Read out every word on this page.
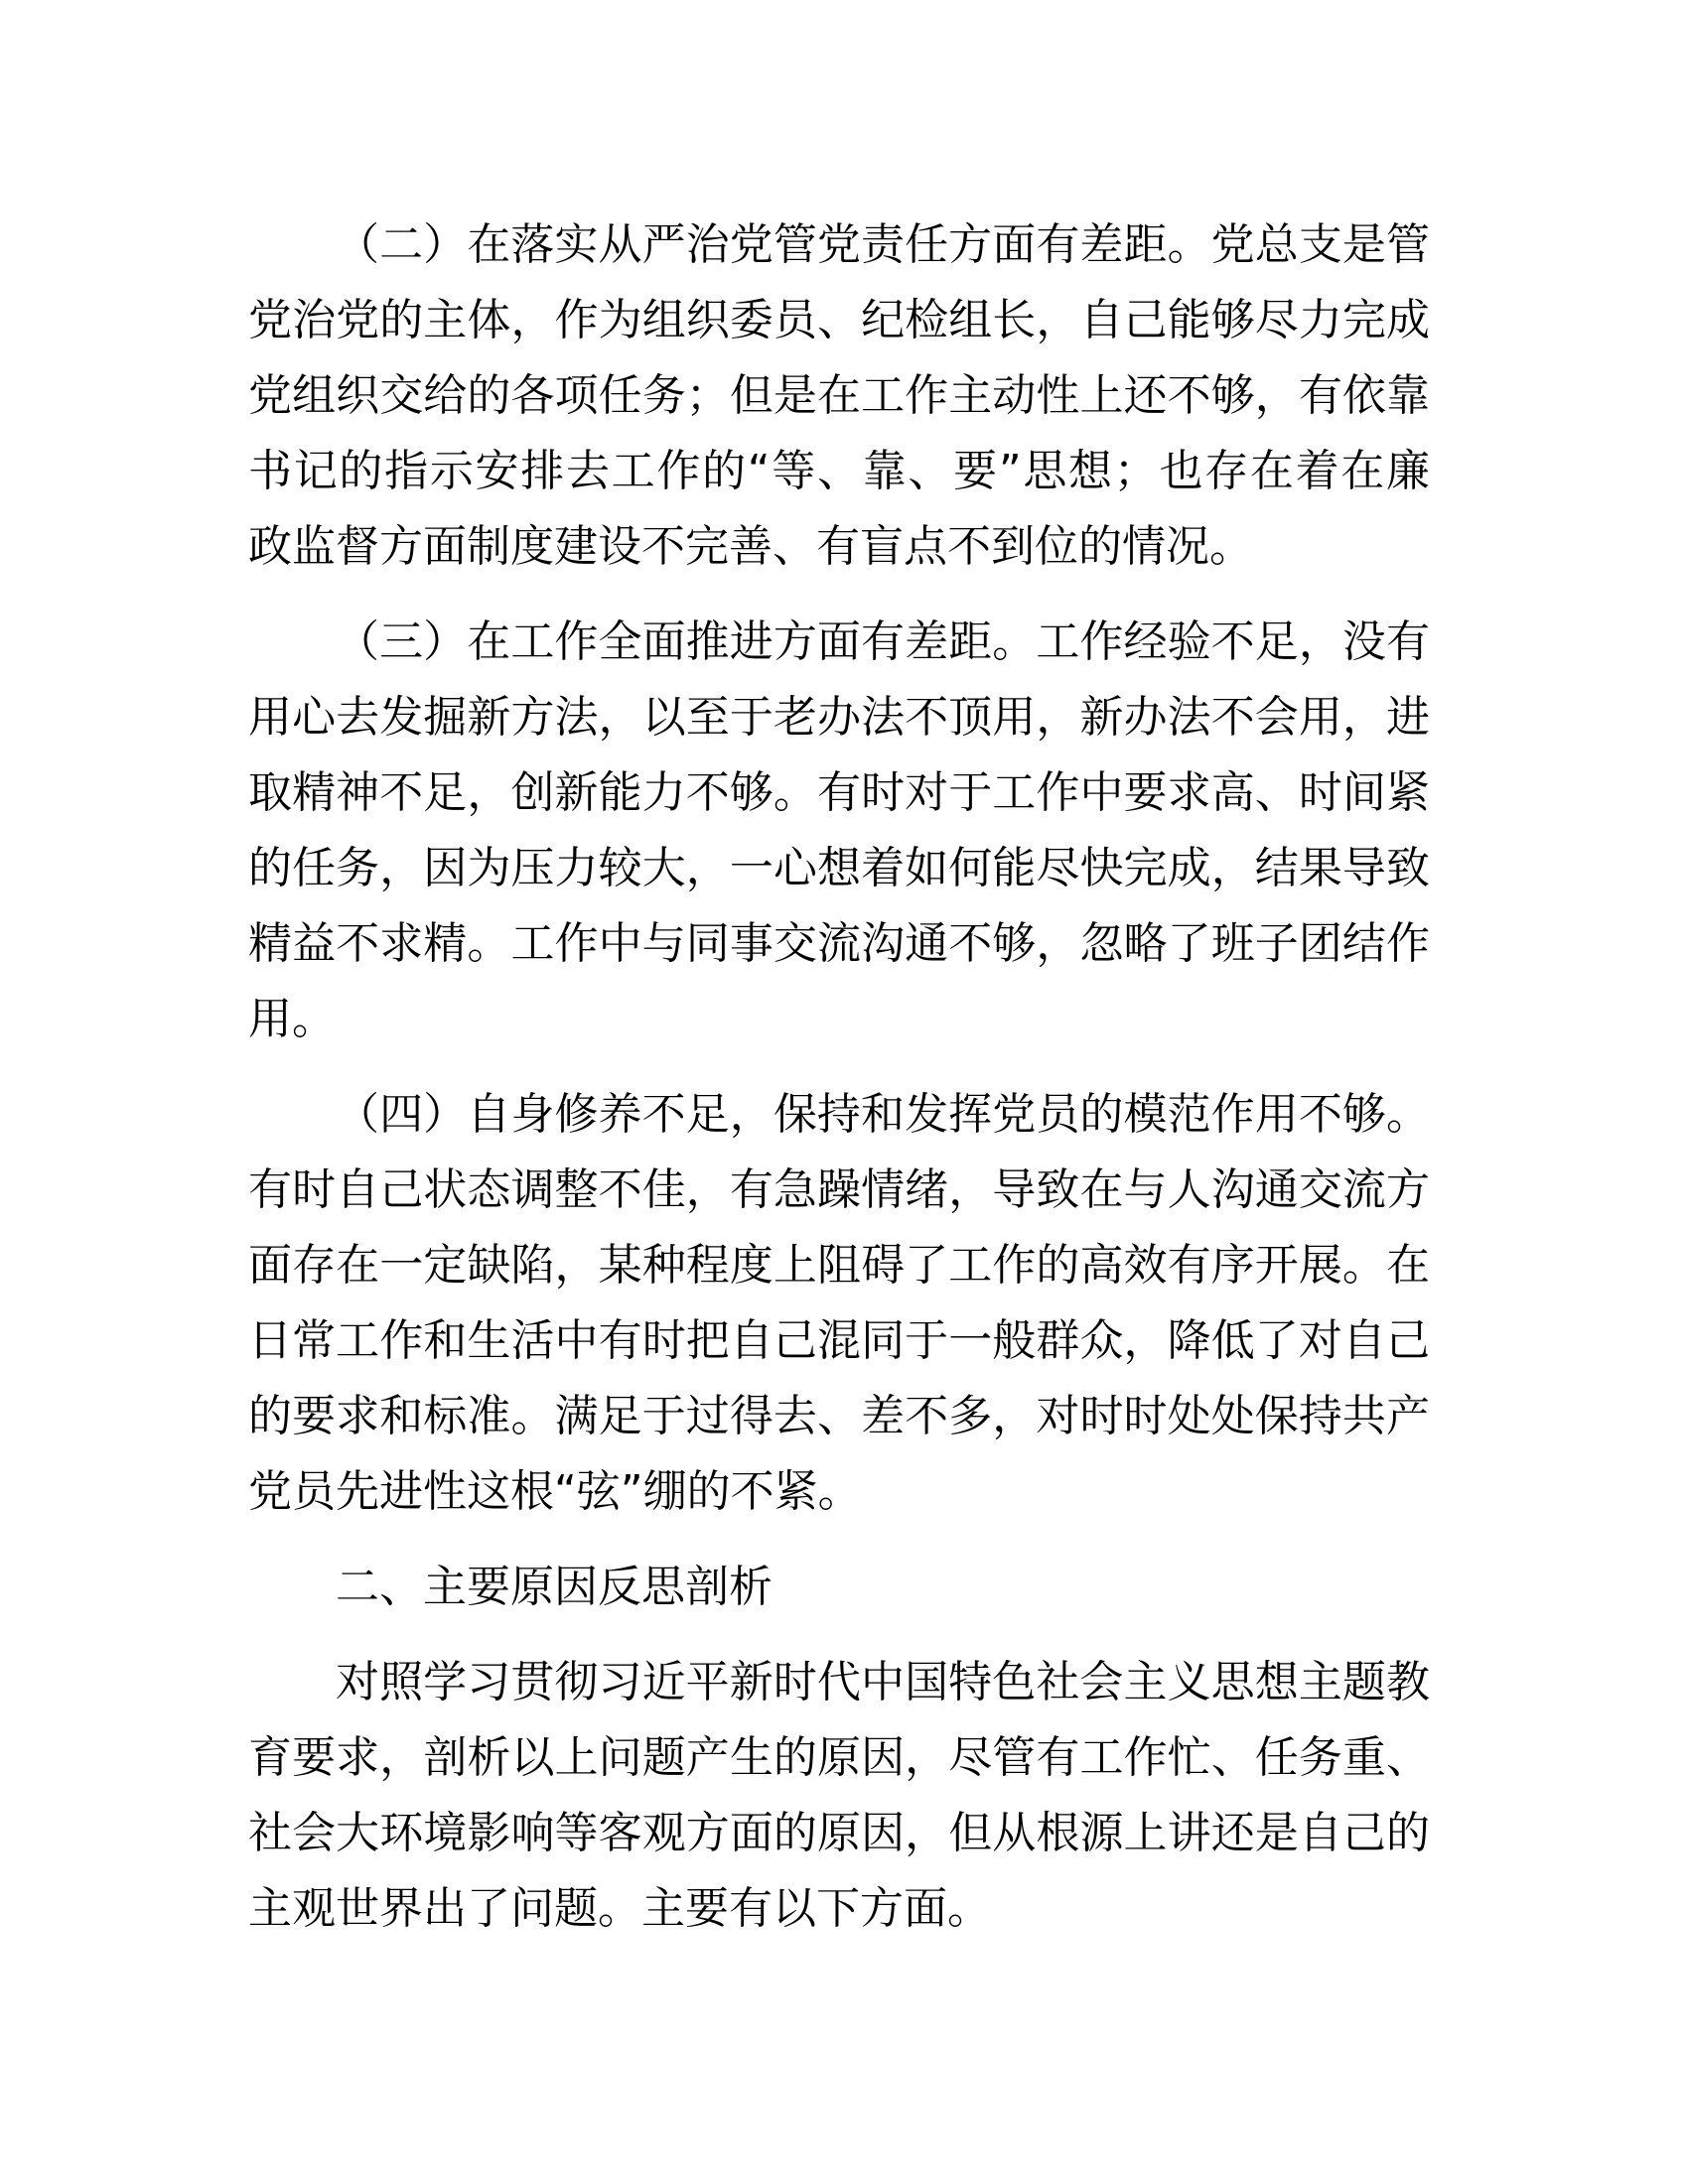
（二）在落实从严治党管党责任方面有差距。党总支是管
党治党的主体，作为组织委员、纪检组长，自己能够尽力完成
党组织交给的各项任务；但是在工作主动性上还不够，有依靠
书记的指示安排去工作的“等、靠、要”思想；也存在着在廉
政监督方面制度建设不完善、有盲点不到位的情况。
（三）在工作全面推进方面有差距。工作经验不足，没有
用心去发掘新方法，以至于老办法不顶用，新办法不会用，进
取精神不足，创新能力不够。有时对于工作中要求高、时间紧
的任务，因为压力较大，一心想着如何能尽快完成，结果导致
精益不求精。工作中与同事交流沟通不够，忽略了班子团结作
用。
（四）自身修养不足，保持和发挥党员的模范作用不够。
有时自己状态调整不佳，有急躁情绪，导致在与人沟通交流方
面存在一定缺陷，某种程度上阻碍了工作的高效有序开展。在
日常工作和生活中有时把自己混同于一般群众，降低了对自己
的要求和标准。满足于过得去、差不多，对时时处处保持共产
党员先进性这根“弦”绷的不紧。
二、主要原因反思剖析
对照学习贯彻习近平新时代中国特色社会主义思想主题教
育要求，剖析以上问题产生的原因，尽管有工作忙、任务重、
社会大环境影响等客观方面的原因，但从根源上讲还是自己的
主观世界出了问题。主要有以下方面。
